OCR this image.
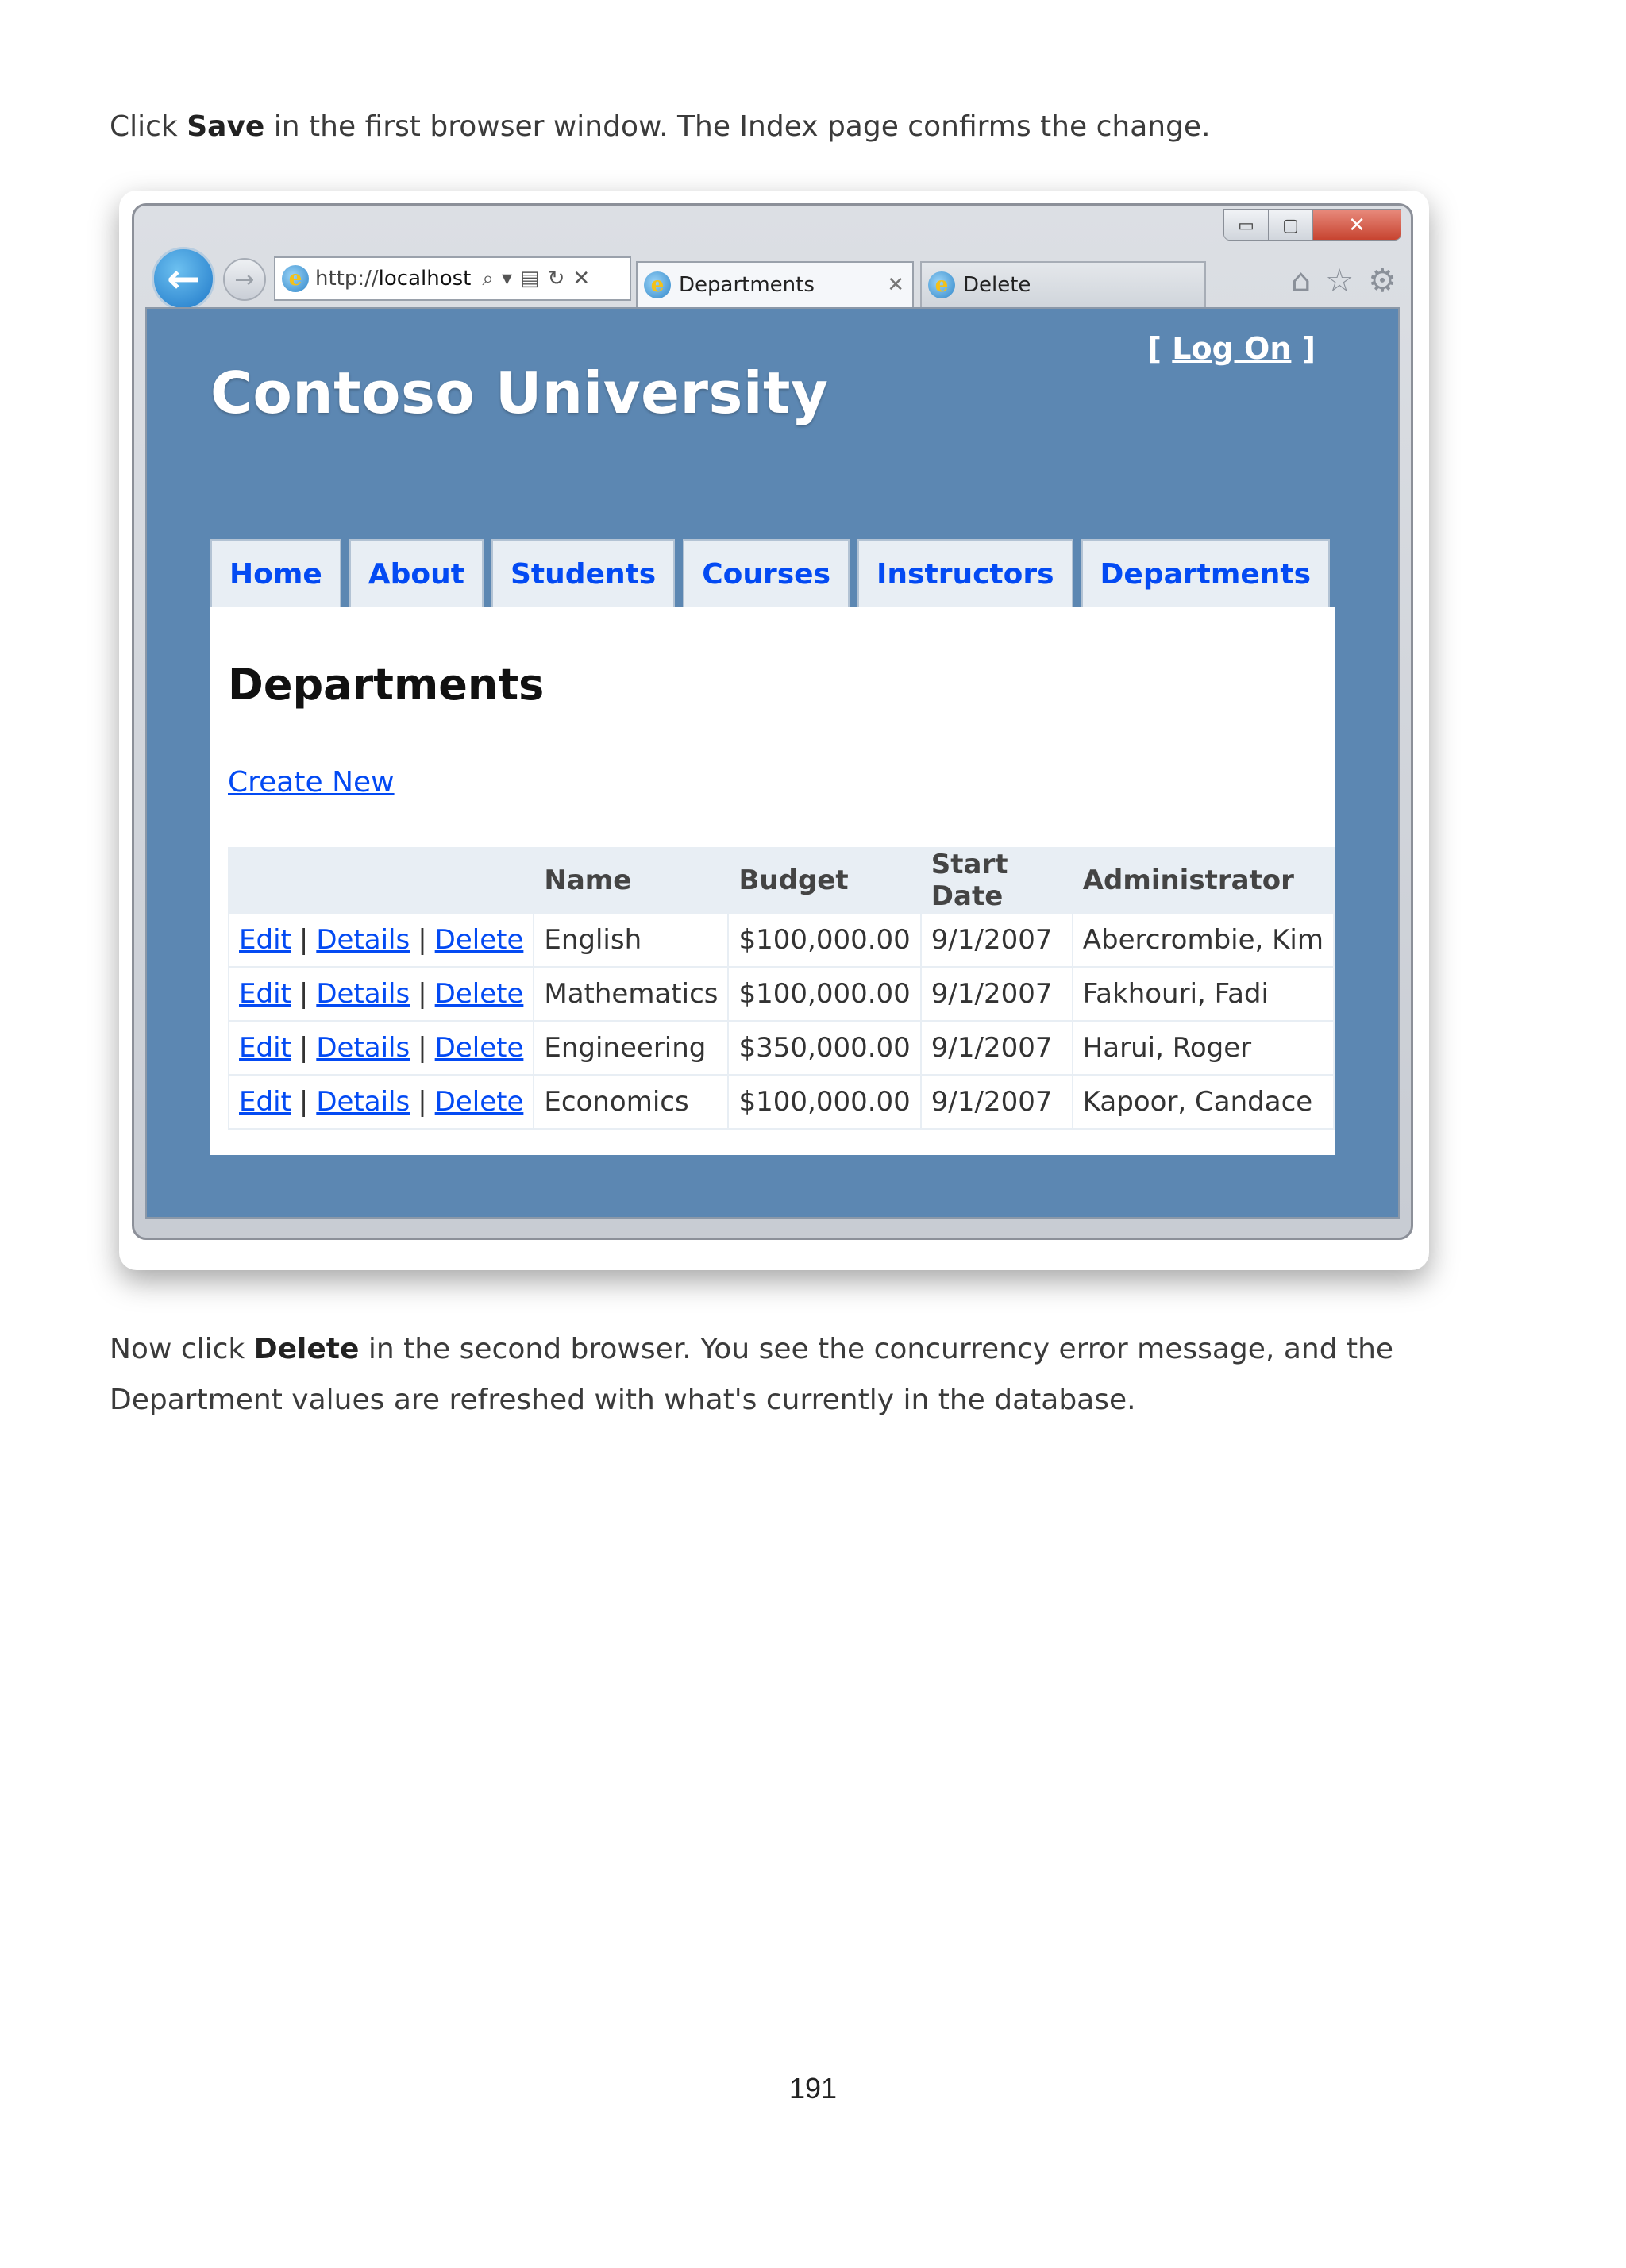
Click Save in the first browser window. The Index page confirms the change.

▭	▢	✕
← →	e http://localhost ⌕ ▾ ▤ ↻ ✕	e Departments	✕	e Delete	⌂ ☆ ⚙
[ Log On ]
Contoso University
Home	About	Students	Courses	Instructors	Departments
Departments
Create New
	Name	Budget	Start Date	Administrator
Edit | Details | Delete	English	$100,000.00	9/1/2007	Abercrombie, Kim
Edit | Details | Delete	Mathematics	$100,000.00	9/1/2007	Fakhouri, Fadi
Edit | Details | Delete	Engineering	$350,000.00	9/1/2007	Harui, Roger
Edit | Details | Delete	Economics	$100,000.00	9/1/2007	Kapoor, Candace

Now click Delete in the second browser. You see the concurrency error message, and the Department values are refreshed with what's currently in the database.

191
